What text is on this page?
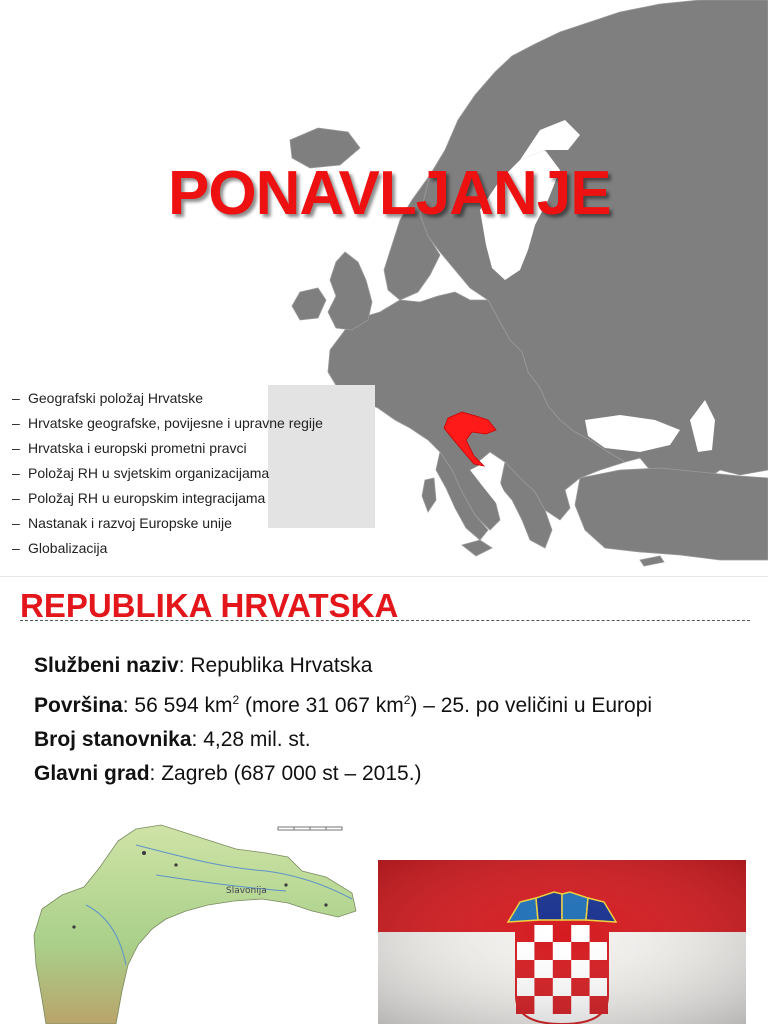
PONAVLJANJE
– Geografski položaj Hrvatske
– Hrvatske geografske, povijesne i upravne regije
– Hrvatska i europski prometni pravci
– Položaj RH u svjetskim organizacijama
– Položaj RH u europskim integracijama
– Nastanak i razvoj Europske unije
– Globalizacija
REPUBLIKA HRVATSKA
Službeni naziv: Republika Hrvatska
Površina: 56 594 $km^2$ (more 31 067 $km^2) - 25$. po veličini u Europi
Broj stanovnika: 4,28 mil. st.
Glavni grad: Zagreb (687 000 st – 2015.)
Slavonija
